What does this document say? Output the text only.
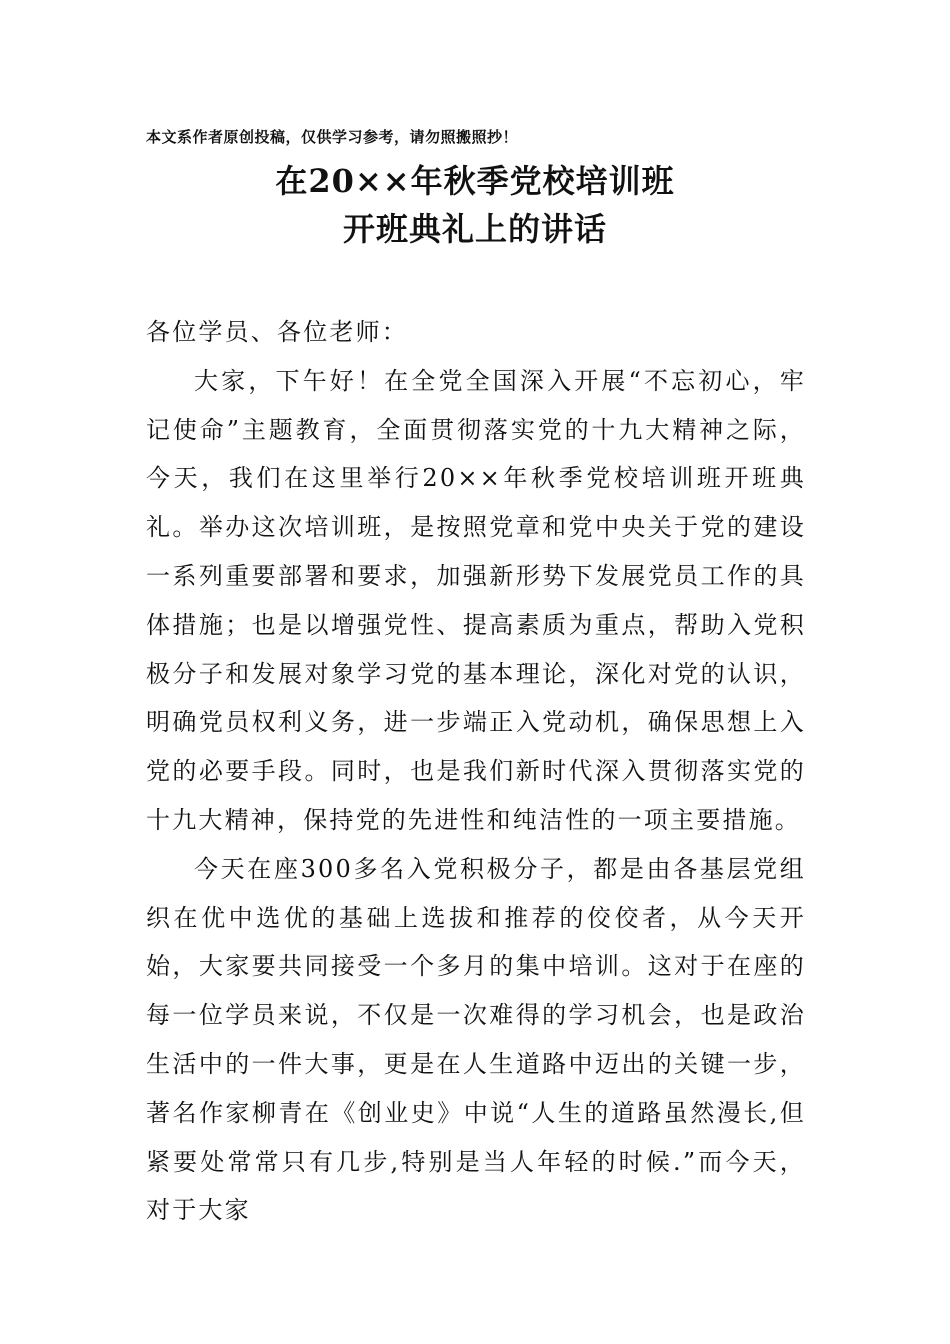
本文系作者原创投稿，仅供学习参考，请勿照搬照抄！
在20××年秋季党校培训班
开班典礼上的讲话

各位学员、各位老师：

大家，下午好！在全党全国深入开展“不忘初心，牢记使命”主题教育，全面贯彻落实党的十九大精神之际，今天，我们在这里举行20××年秋季党校培训班开班典礼。举办这次培训班，是按照党章和党中央关于党的建设一系列重要部署和要求，加强新形势下发展党员工作的具体措施；也是以增强党性、提高素质为重点，帮助入党积极分子和发展对象学习党的基本理论，深化对党的认识，明确党员权利义务，进一步端正入党动机，确保思想上入党的必要手段。同时，也是我们新时代深入贯彻落实党的十九大精神，保持党的先进性和纯洁性的一项主要措施。

今天在座300多名入党积极分子，都是由各基层党组织在优中选优的基础上选拔和推荐的佼佼者，从今天开始，大家要共同接受一个多月的集中培训。这对于在座的每一位学员来说，不仅是一次难得的学习机会，也是政治生活中的一件大事，更是在人生道路中迈出的关键一步，著名作家柳青在《创业史》中说“人生的道路虽然漫长,但紧要处常常只有几步,特别是当人年轻的时候.”而今天，对于大家
